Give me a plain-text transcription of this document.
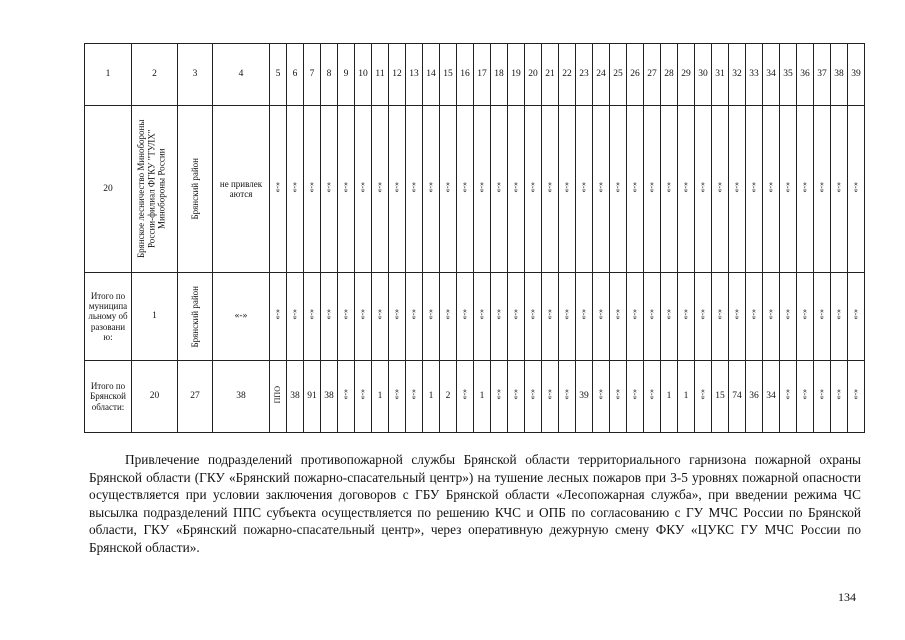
1	2	3	4	5	6	7	8	9	10	11	12	13	14	15	16	17	18	19	20	21	22	23	24	25	26	27	28	29	30	31	32	33	34	35	36	37	38	39
20	Брянское лесничество Минобороны России-филиал ФГКУ "ТУЛХ" Минобороны России	Брянский район	не привлекаются	«-»	«-»	«-»	«-»	«-»	«-»	«-»	«-»	«-»	«-»	«-»	«-»	«-»	«-»	«-»	«-»	«-»	«-»	«-»	«-»	«-»	«-»	«-»	«-»	«-»	«-»	«-»	«-»	«-»	«-»	«-»	«-»	«-»	«-»	«-»
Итого по муниципальному образованию:	1	Брянский район	«-»	«-»	«-»	«-»	«-»	«-»	«-»	«-»	«-»	«-»	«-»	«-»	«-»	«-»	«-»	«-»	«-»	«-»	«-»	«-»	«-»	«-»	«-»	«-»	«-»	«-»	«-»	«-»	«-»	«-»	«-»	«-»	«-»	«-»	«-»	«-»
Итого по Брянской области:	20	27	38	ППО	38	91	38	«-»	«-»	1	«-»	«-»	1	2	«-»	1	«-»	«-»	«-»	«-»	«-»	39	«-»	«-»	«-»	«-»	1	1	«-»	15	74	36	34	«-»	«-»	«-»	«-»	«-»

Привлечение подразделений противопожарной службы Брянской области территориального гарнизона пожарной охраны Брянской области (ГКУ «Брянский пожарно-спасательный центр») на тушение лесных пожаров при 3-5 уровнях пожарной опасности осуществляется при условии заключения договоров с ГБУ Брянской области «Лесопожарная служба», при введении режима ЧС высылка подразделений ППС субъекта осуществляется по решению КЧС и ОПБ по согласованию с ГУ МЧС России по Брянской области, ГКУ «Брянский пожарно-спасательный центр», через оперативную дежурную смену ФКУ «ЦУКС ГУ МЧС России по Брянской области».

134
